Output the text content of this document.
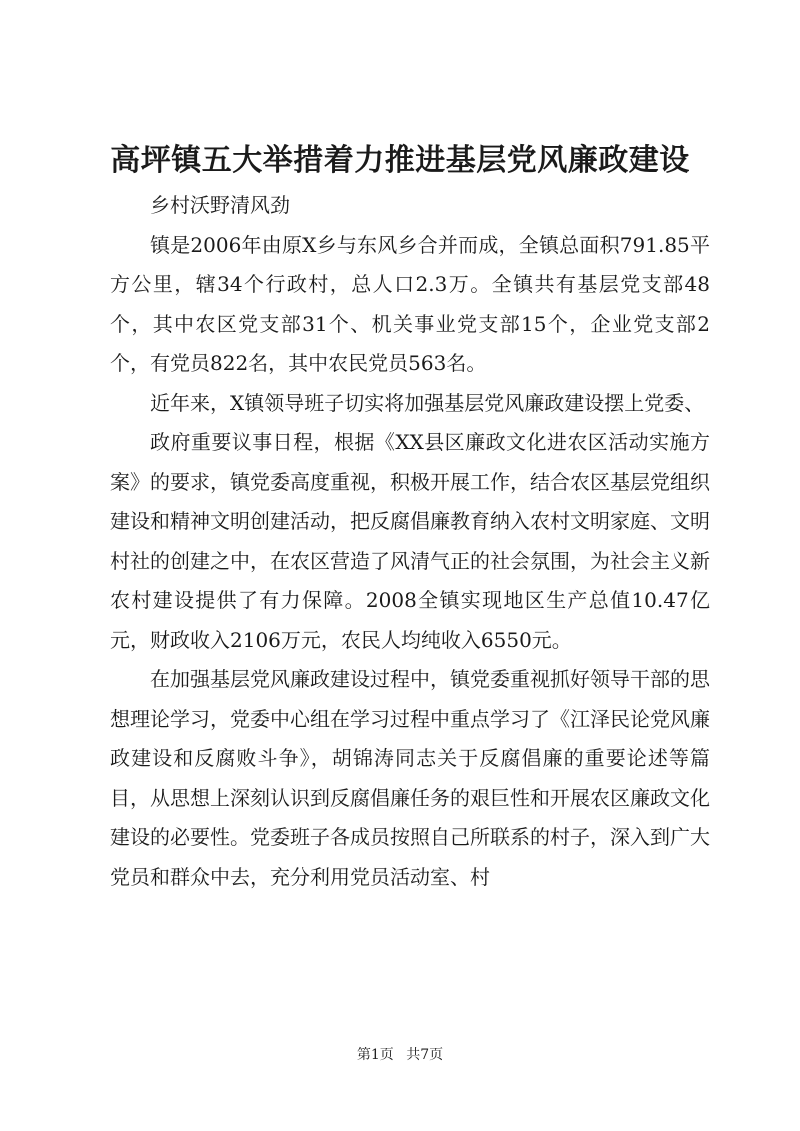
高坪镇五大举措着力推进基层党风廉政建设

乡村沃野清风劲

镇是2006年由原X乡与东风乡合并而成，全镇总面积791.85平方公里，辖34个行政村，总人口2.3万。全镇共有基层党支部48个，其中农区党支部31个、机关事业党支部15个，企业党支部2个，有党员822名，其中农民党员563名。

近年来，X镇领导班子切实将加强基层党风廉政建设摆上党委、

政府重要议事日程，根据《XX县区廉政文化进农区活动实施方案》的要求，镇党委高度重视，积极开展工作，结合农区基层党组织建设和精神文明创建活动，把反腐倡廉教育纳入农村文明家庭、文明村社的创建之中，在农区营造了风清气正的社会氛围，为社会主义新农村建设提供了有力保障。2008全镇实现地区生产总值10.47亿元，财政收入2106万元，农民人均纯收入6550元。

在加强基层党风廉政建设过程中，镇党委重视抓好领导干部的思想理论学习，党委中心组在学习过程中重点学习了《江泽民论党风廉政建设和反腐败斗争》，胡锦涛同志关于反腐倡廉的重要论述等篇目，从思想上深刻认识到反腐倡廉任务的艰巨性和开展农区廉政文化建设的必要性。党委班子各成员按照自己所联系的村子，深入到广大党员和群众中去，充分利用党员活动室、村

第1页 共7页
